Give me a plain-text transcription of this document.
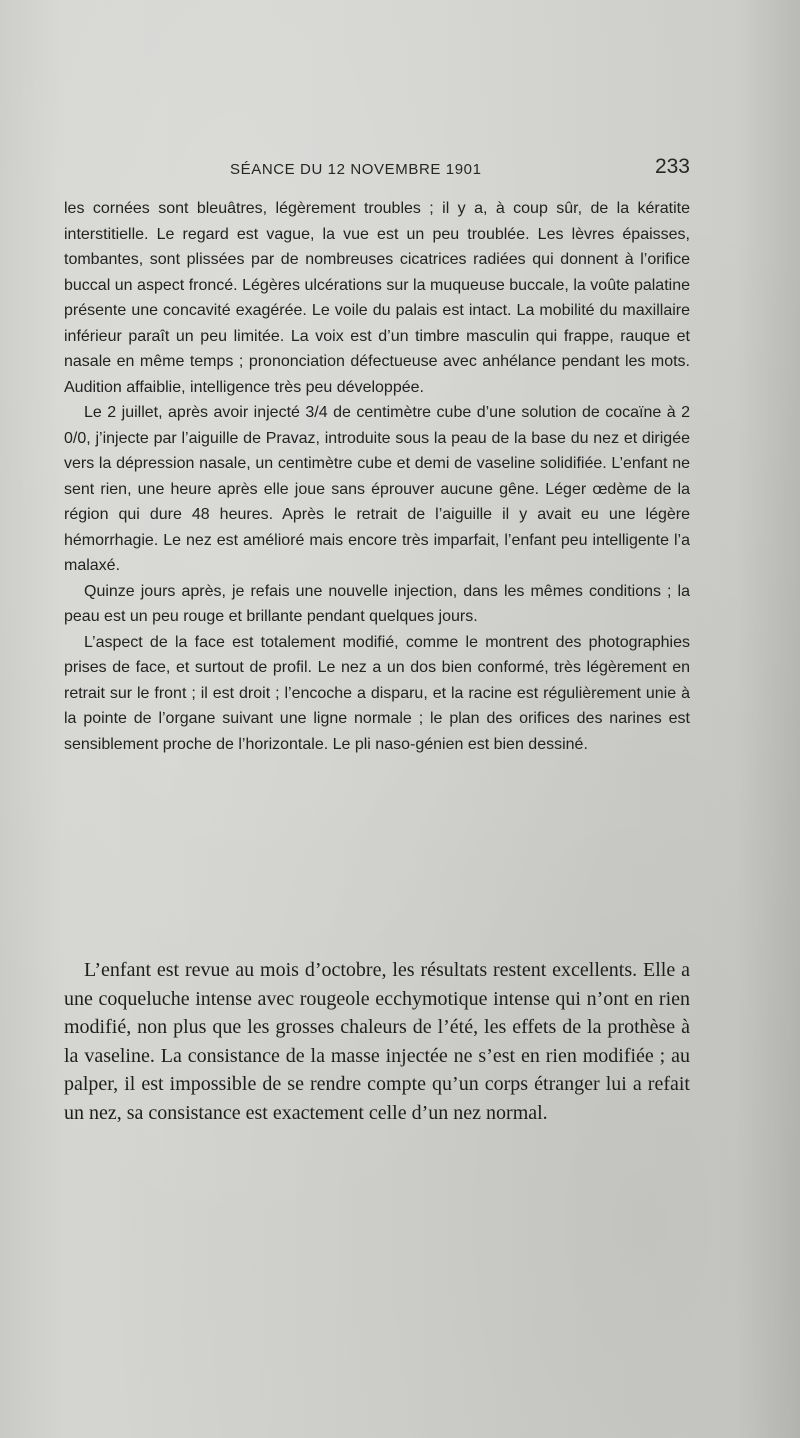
SÉANCE DU 12 NOVEMBRE 1901	233

les cornées sont bleuâtres, légèrement troubles ; il y a, à coup sûr, de la kératite interstitielle. Le regard est vague, la vue est un peu troublée. Les lèvres épaisses, tombantes, sont plissées par de nombreuses cicatrices radiées qui donnent à l’orifice buccal un aspect froncé. Légères ulcérations sur la muqueuse buccale, la voûte palatine présente une concavité exagérée. Le voile du palais est intact. La mobilité du maxillaire inférieur paraît un peu limitée. La voix est d’un timbre masculin qui frappe, rauque et nasale en même temps ; prononciation défectueuse avec anhélance pendant les mots. Audition affaiblie, intelligence très peu développée.

Le 2 juillet, après avoir injecté 3/4 de centimètre cube d’une solution de cocaïne à 2 0/0, j’injecte par l’aiguille de Pravaz, introduite sous la peau de la base du nez et dirigée vers la dépression nasale, un centimètre cube et demi de vaseline solidifiée. L’enfant ne sent rien, une heure après elle joue sans éprouver aucune gêne. Léger œdème de la région qui dure 48 heures. Après le retrait de l’aiguille il y avait eu une légère hémorrhagie. Le nez est amélioré mais encore très imparfait, l’enfant peu intelligente l’a malaxé.

Quinze jours après, je refais une nouvelle injection, dans les mêmes conditions ; la peau est un peu rouge et brillante pendant quelques jours.

L’aspect de la face est totalement modifié, comme le montrent des photographies prises de face, et surtout de profil. Le nez a un dos bien conformé, très légèrement en retrait sur le front ; il est droit ; l’encoche a disparu, et la racine est régulièrement unie à la pointe de l’organe suivant une ligne normale ; le plan des orifices des narines est sensiblement proche de l’horizontale. Le pli naso-génien est bien dessiné.

L’enfant est revue au mois d’octobre, les résultats restent excellents. Elle a une coqueluche intense avec rougeole ecchymotique intense qui n’ont en rien modifié, non plus que les grosses chaleurs de l’été, les effets de la prothèse à la vaseline. La consistance de la masse injectée ne s’est en rien modifiée ; au palper, il est impossible de se rendre compte qu’un corps étranger lui a refait un nez, sa consistance est exactement celle d’un nez normal.
